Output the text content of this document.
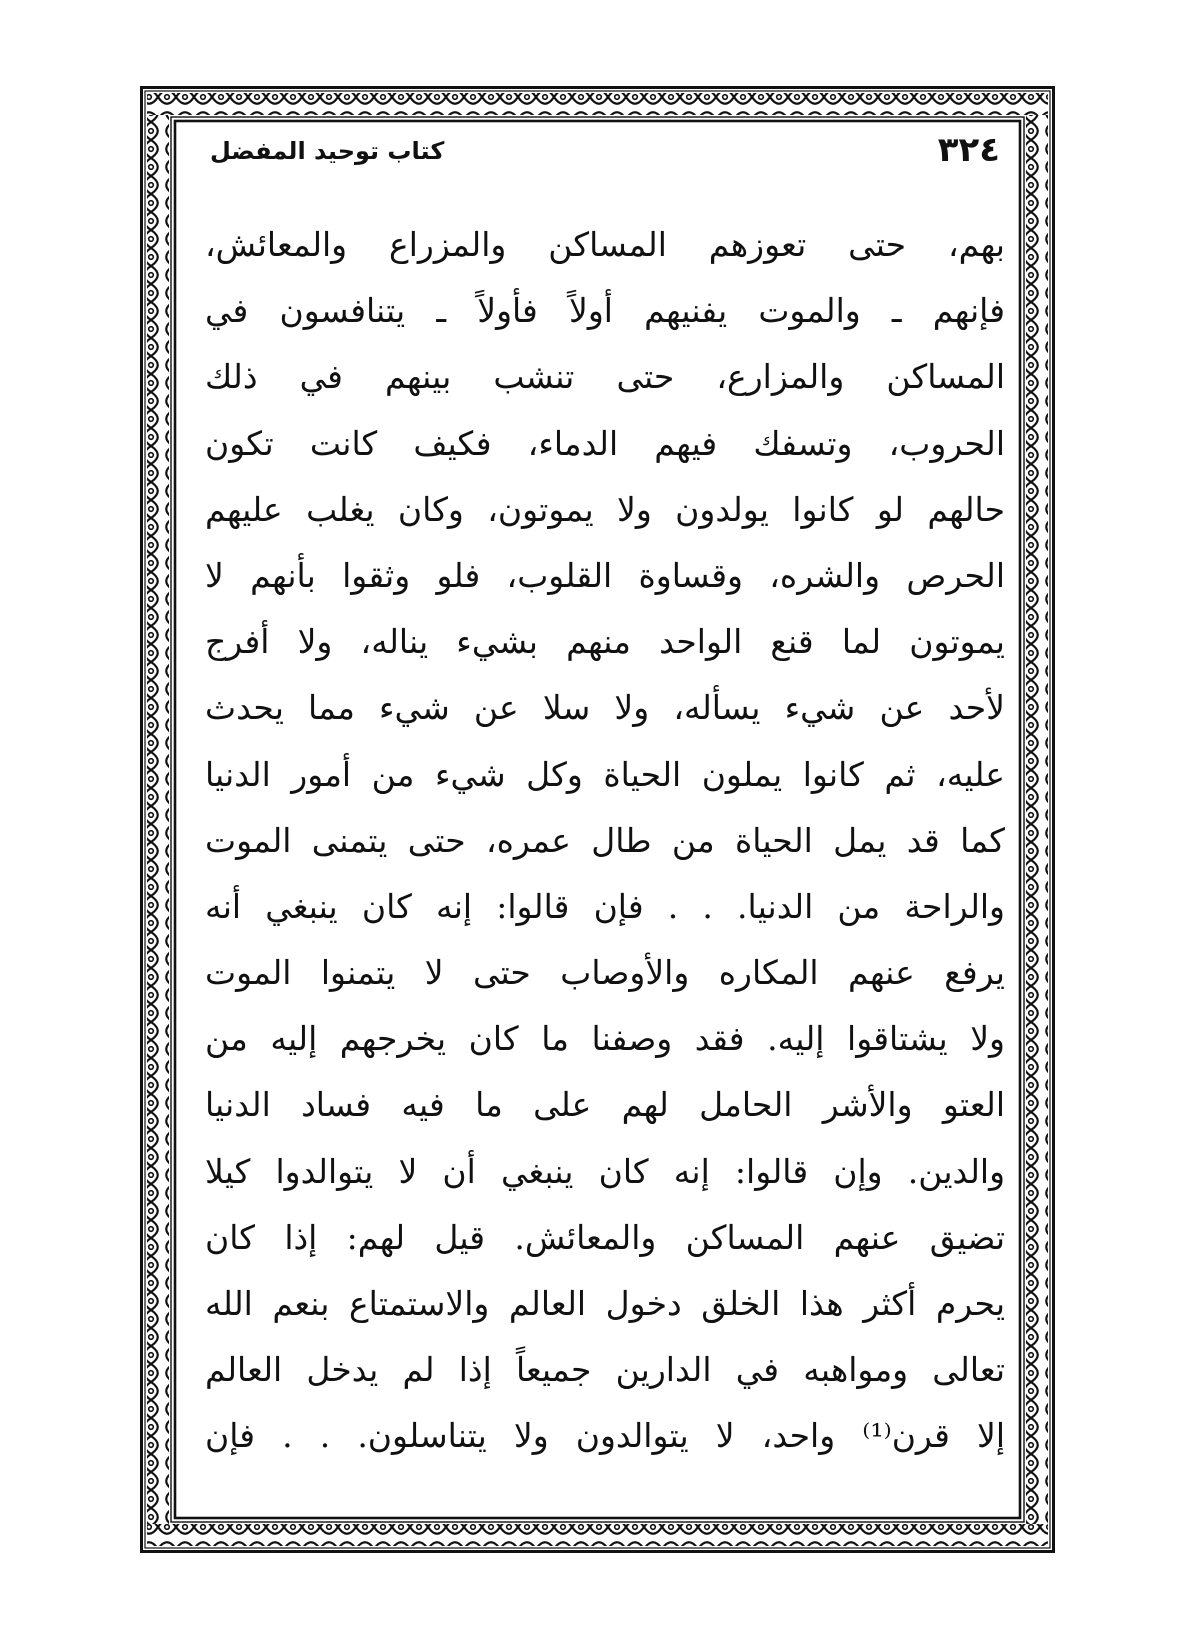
٣٢٤
كتاب توحيد المفضل
بهم، حتى تعوزهم المساكن والمزراع والمعائش،
فإنهم ـ والموت يفنيهم أولاً فأولاً ـ يتنافسون في
المساكن والمزارع، حتى تنشب بينهم في ذلك
الحروب، وتسفك فيهم الدماء، فكيف كانت تكون
حالهم لو كانوا يولدون ولا يموتون، وكان يغلب عليهم
الحرص والشره، وقساوة القلوب، فلو وثقوا بأنهم لا
يموتون لما قنع الواحد منهم بشيء يناله، ولا أفرج
لأحد عن شيء يسأله، ولا سلا عن شيء مما يحدث
عليه، ثم كانوا يملون الحياة وكل شيء من أمور الدنيا
كما قد يمل الحياة من طال عمره، حتى يتمنى الموت
والراحة من الدنيا. . . فإن قالوا: إنه كان ينبغي أنه
يرفع عنهم المكاره والأوصاب حتى لا يتمنوا الموت
ولا يشتاقوا إليه. فقد وصفنا ما كان يخرجهم إليه من
العتو والأشر الحامل لهم على ما فيه فساد الدنيا
والدين. وإن قالوا: إنه كان ينبغي أن لا يتوالدوا كيلا
تضيق عنهم المساكن والمعائش. قيل لهم: إذا كان
يحرم أكثر هذا الخلق دخول العالم والاستمتاع بنعم الله
تعالى ومواهبه في الدارين جميعاً إذا لم يدخل العالم
إلا قرن⁽¹⁾ واحد، لا يتوالدون ولا يتناسلون. . . فإن
